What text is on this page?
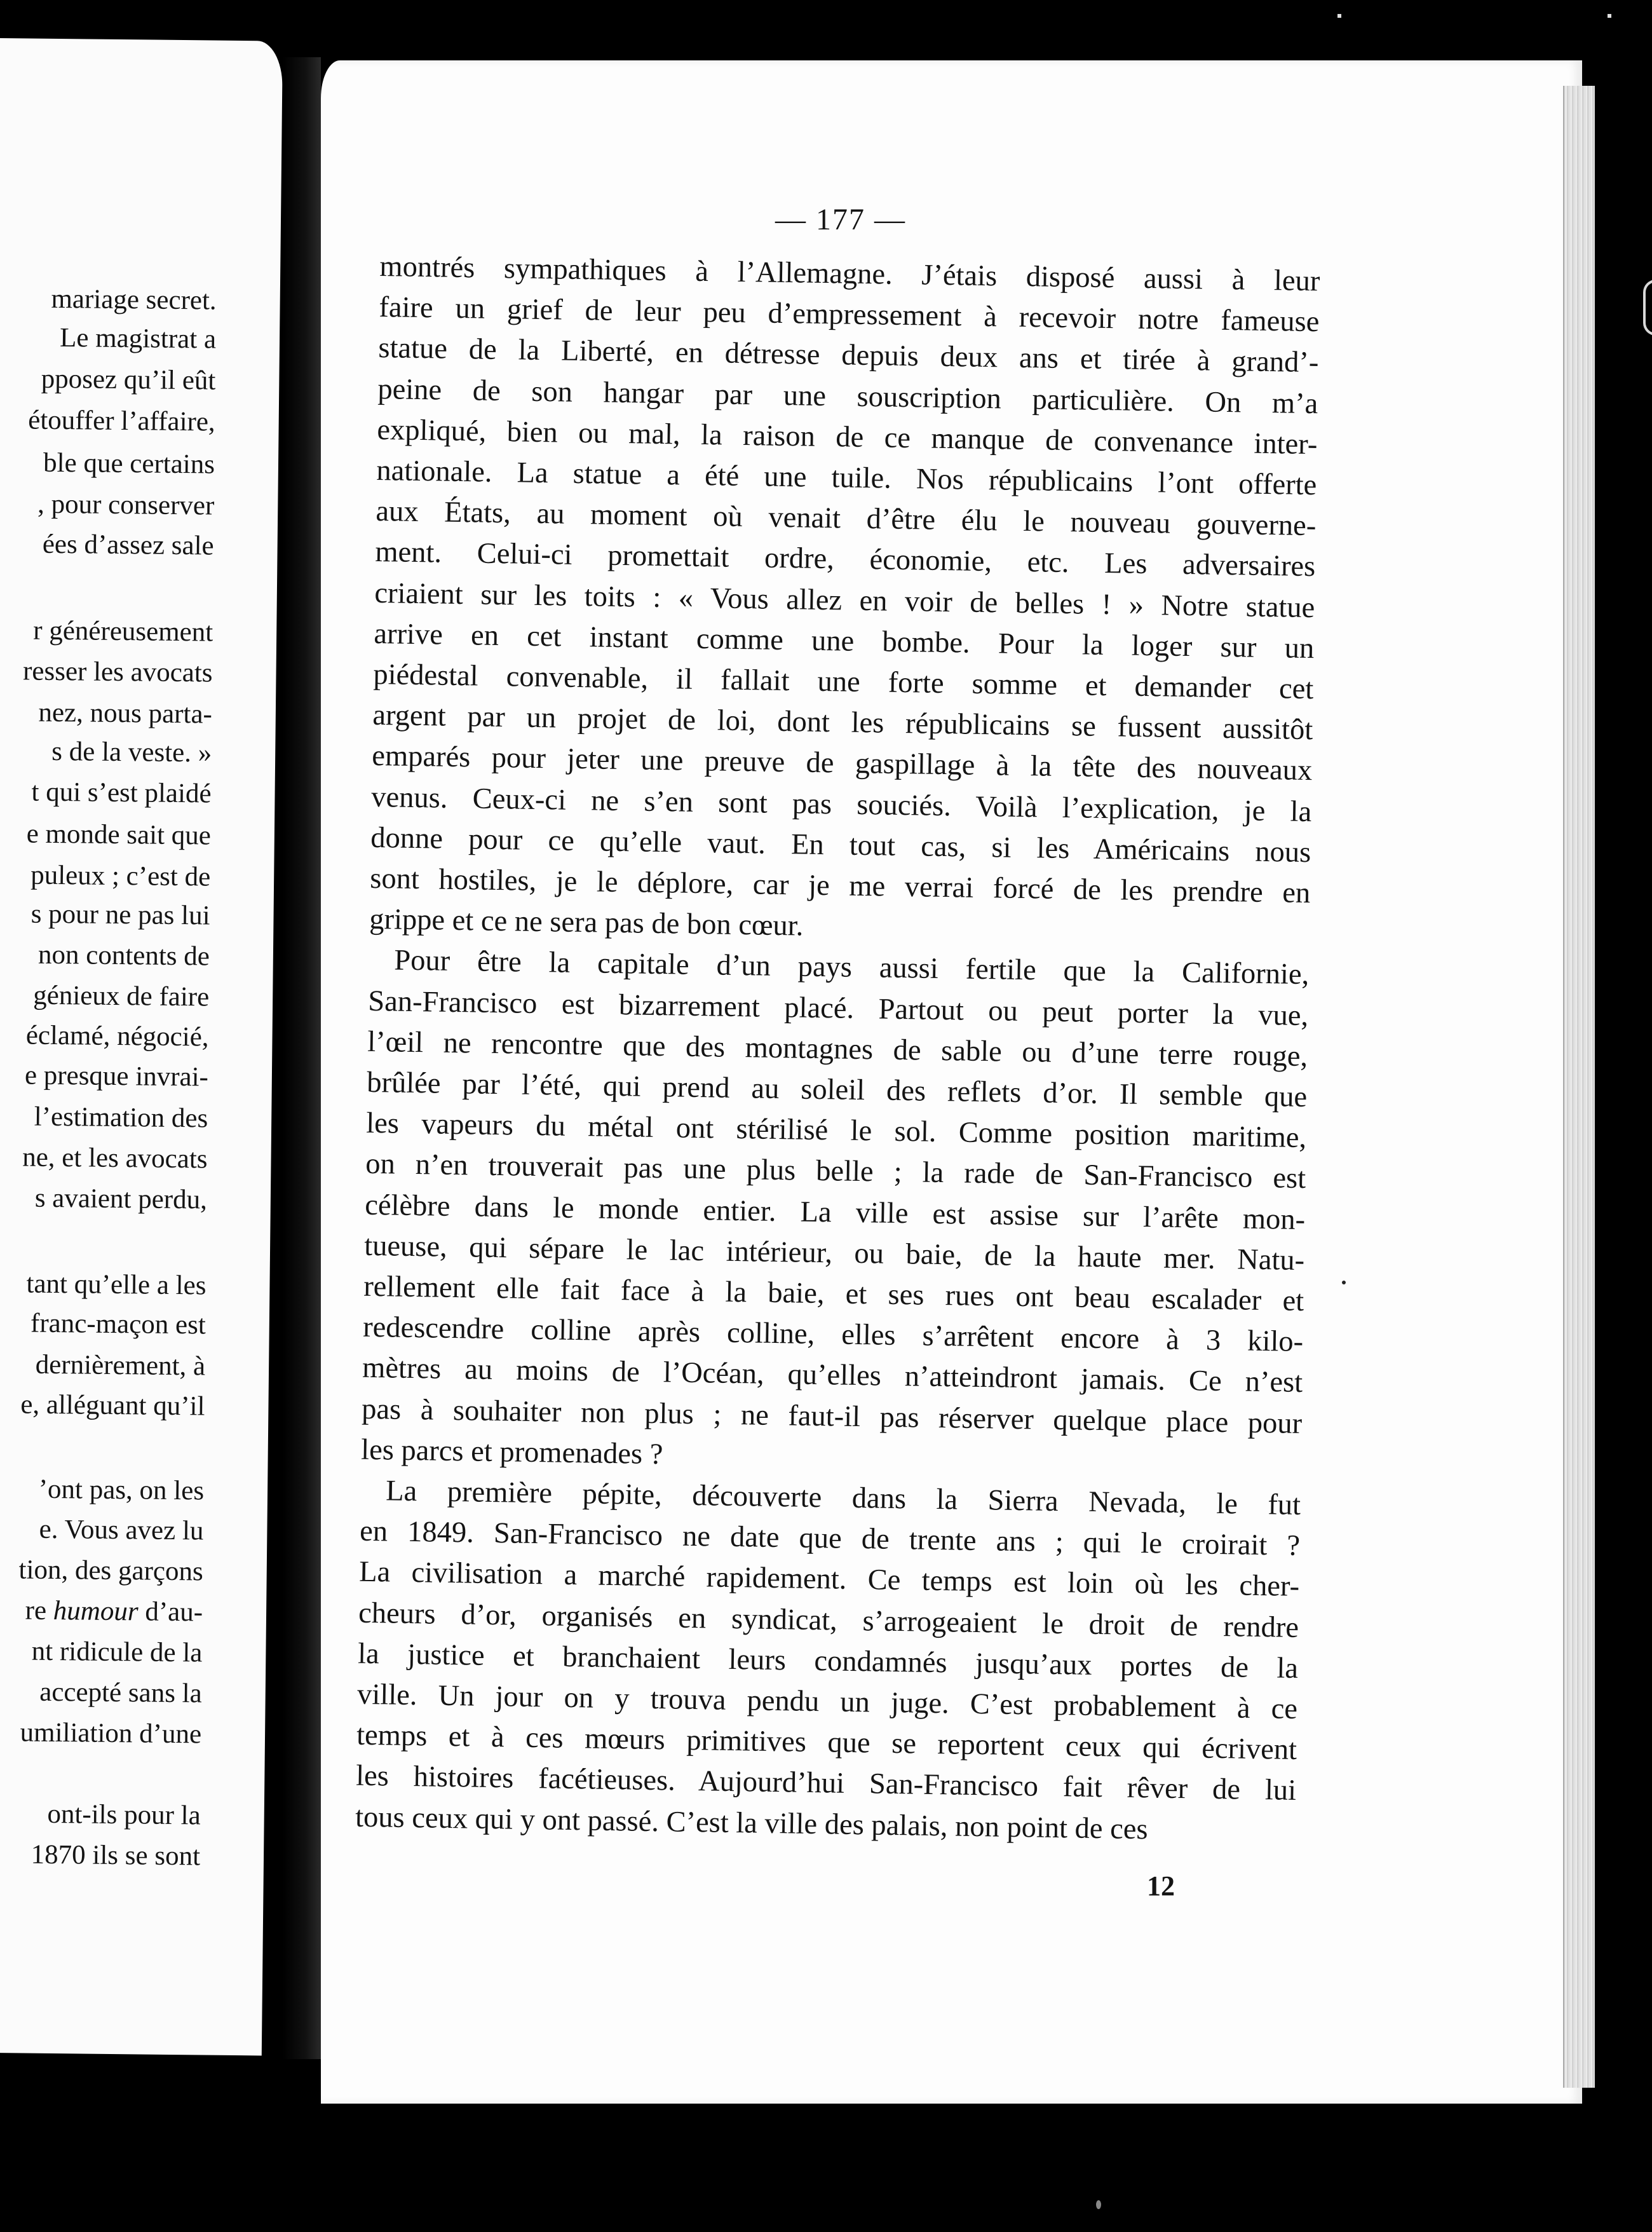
mariage secret.
Le magistrat a
pposez qu’il eût
étouffer l’affaire,
ble que certains
, pour conserver
ées d’assez sale
r généreusement
resser les avocats
nez, nous parta-
s de la veste. »
t qui s’est plaidé
e monde sait que
puleux ; c’est de
s pour ne pas lui
non contents de
génieux de faire
éclamé, négocié,
e presque invrai-
l’estimation des
ne, et les avocats
s avaient perdu,
tant qu’elle a les
franc-maçon est
dernièrement, à
e, alléguant qu’il
’ont pas, on les
e. Vous avez lu
tion, des garçons
re humour d’au-
nt ridicule de la
accepté sans la
umiliation d’une
ont-ils pour la
1870 ils se sont
— 177 —
montrés sympathiques à l’Allemagne. J’étais disposé aussi à leur
faire un grief de leur peu d’empressement à recevoir notre fameuse
statue de la Liberté, en détresse depuis deux ans et tirée à grand’-
peine de son hangar par une souscription particulière. On m’a
expliqué, bien ou mal, la raison de ce manque de convenance inter-
nationale. La statue a été une tuile. Nos républicains l’ont offerte
aux États, au moment où venait d’être élu le nouveau gouverne-
ment. Celui-ci promettait ordre, économie, etc. Les adversaires
criaient sur les toits : « Vous allez en voir de belles ! » Notre statue
arrive en cet instant comme une bombe. Pour la loger sur un
piédestal convenable, il fallait une forte somme et demander cet
argent par un projet de loi, dont les républicains se fussent aussitôt
emparés pour jeter une preuve de gaspillage à la tête des nouveaux
venus. Ceux-ci ne s’en sont pas souciés. Voilà l’explication, je la
donne pour ce qu’elle vaut. En tout cas, si les Américains nous
sont hostiles, je le déplore, car je me verrai forcé de les prendre en
grippe et ce ne sera pas de bon cœur.
Pour être la capitale d’un pays aussi fertile que la Californie,
San-Francisco est bizarrement placé. Partout ou peut porter la vue,
l’œil ne rencontre que des montagnes de sable ou d’une terre rouge,
brûlée par l’été, qui prend au soleil des reflets d’or. Il semble que
les vapeurs du métal ont stérilisé le sol. Comme position maritime,
on n’en trouverait pas une plus belle ; la rade de San-Francisco est
célèbre dans le monde entier. La ville est assise sur l’arête mon-
tueuse, qui sépare le lac intérieur, ou baie, de la haute mer. Natu-
rellement elle fait face à la baie, et ses rues ont beau escalader et
redescendre colline après colline, elles s’arrêtent encore à 3 kilo-
mètres au moins de l’Océan, qu’elles n’atteindront jamais. Ce n’est
pas à souhaiter non plus ; ne faut-il pas réserver quelque place pour
les parcs et promenades ?
La première pépite, découverte dans la Sierra Nevada, le fut
en 1849. San-Francisco ne date que de trente ans ; qui le croirait ?
La civilisation a marché rapidement. Ce temps est loin où les cher-
cheurs d’or, organisés en syndicat, s’arrogeaient le droit de rendre
la justice et branchaient leurs condamnés jusqu’aux portes de la
ville. Un jour on y trouva pendu un juge. C’est probablement à ce
temps et à ces mœurs primitives que se reportent ceux qui écrivent
les histoires facétieuses. Aujourd’hui San-Francisco fait rêver de lui
tous ceux qui y ont passé. C’est la ville des palais, non point de ces
12
